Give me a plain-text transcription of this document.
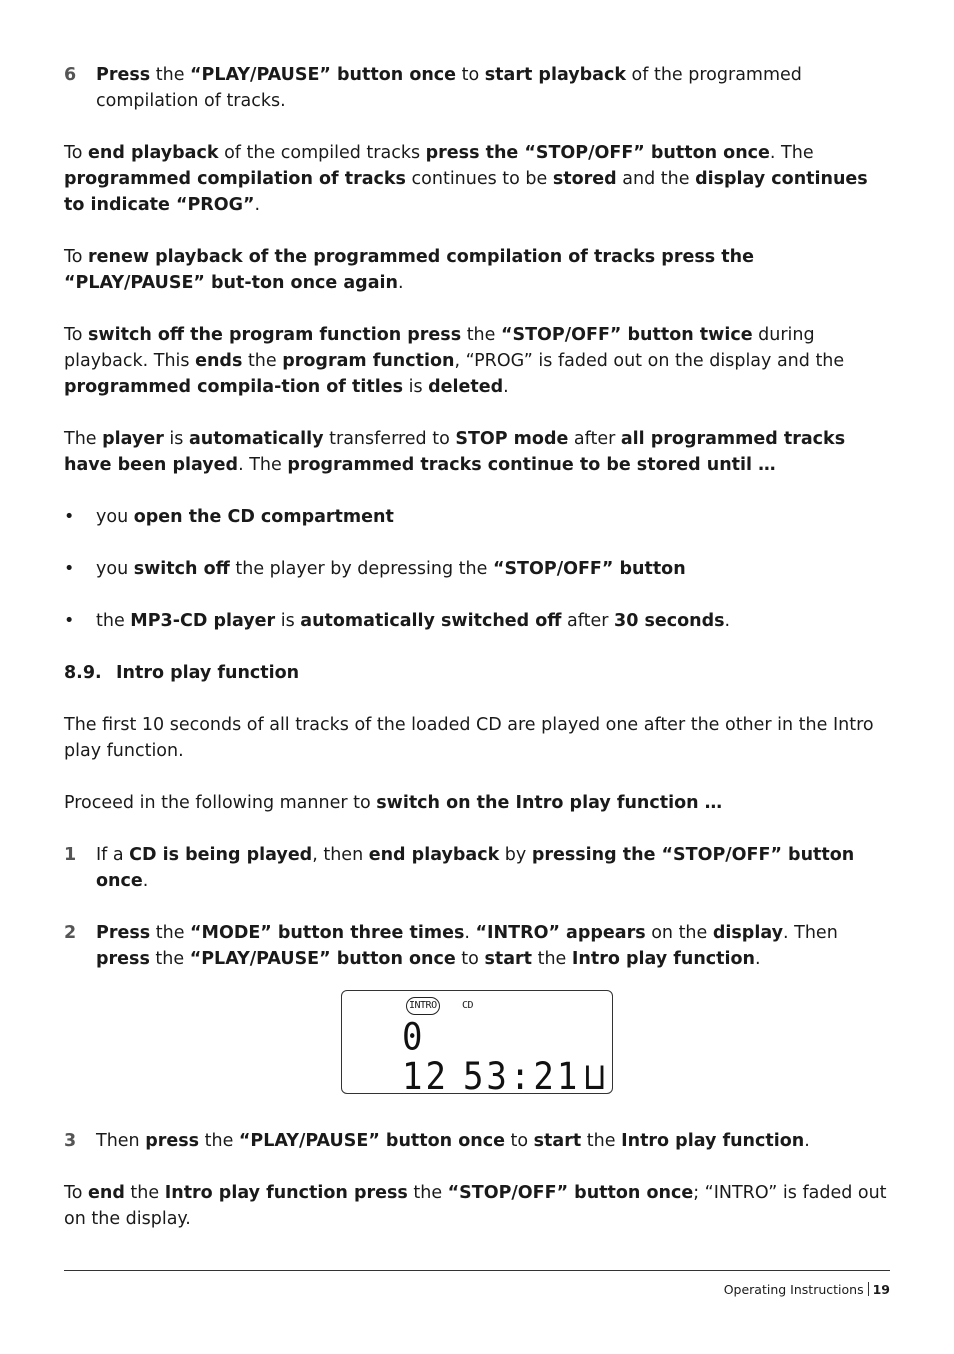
6	Press the “PLAY/PAUSE” button once to start playback of the programmed compilation of tracks.

To end playback of the compiled tracks press the “STOP/OFF” button once. The programmed compilation of tracks continues to be stored and the display continues to indicate “PROG”.

To renew playback of the programmed compilation of tracks press the “PLAY/PAUSE” but-ton once again.

To switch off the program function press the “STOP/OFF” button twice during playback. This ends the program function, “PROG” is faded out on the display and the programmed compila-tion of titles is deleted.

The player is automatically transferred to STOP mode after all programmed tracks have been played. The programmed tracks continue to be stored until …

•	you open the CD compartment

•	you switch off the player by depressing the “STOP/OFF” button

•	the MP3-CD player is automatically switched off after 30 seconds.

8.9. Intro play function

The first 10 seconds of all tracks of the loaded CD are played one after the other in the Intro play function.

Proceed in the following manner to switch on the Intro play function …

1	If a CD is being played, then end playback by pressing the “STOP/OFF” button once.

2	Press the “MODE” button three times. “INTRO” appears on the display. Then press the “PLAY/PAUSE” button once to start the Intro play function.

INTRO	CD
0 12 53:21 ⊔
3	Then press the “PLAY/PAUSE” button once to start the Intro play function.

To end the Intro play function press the “STOP/OFF” button once; “INTRO” is faded out on the display.

Operating Instructions 19
